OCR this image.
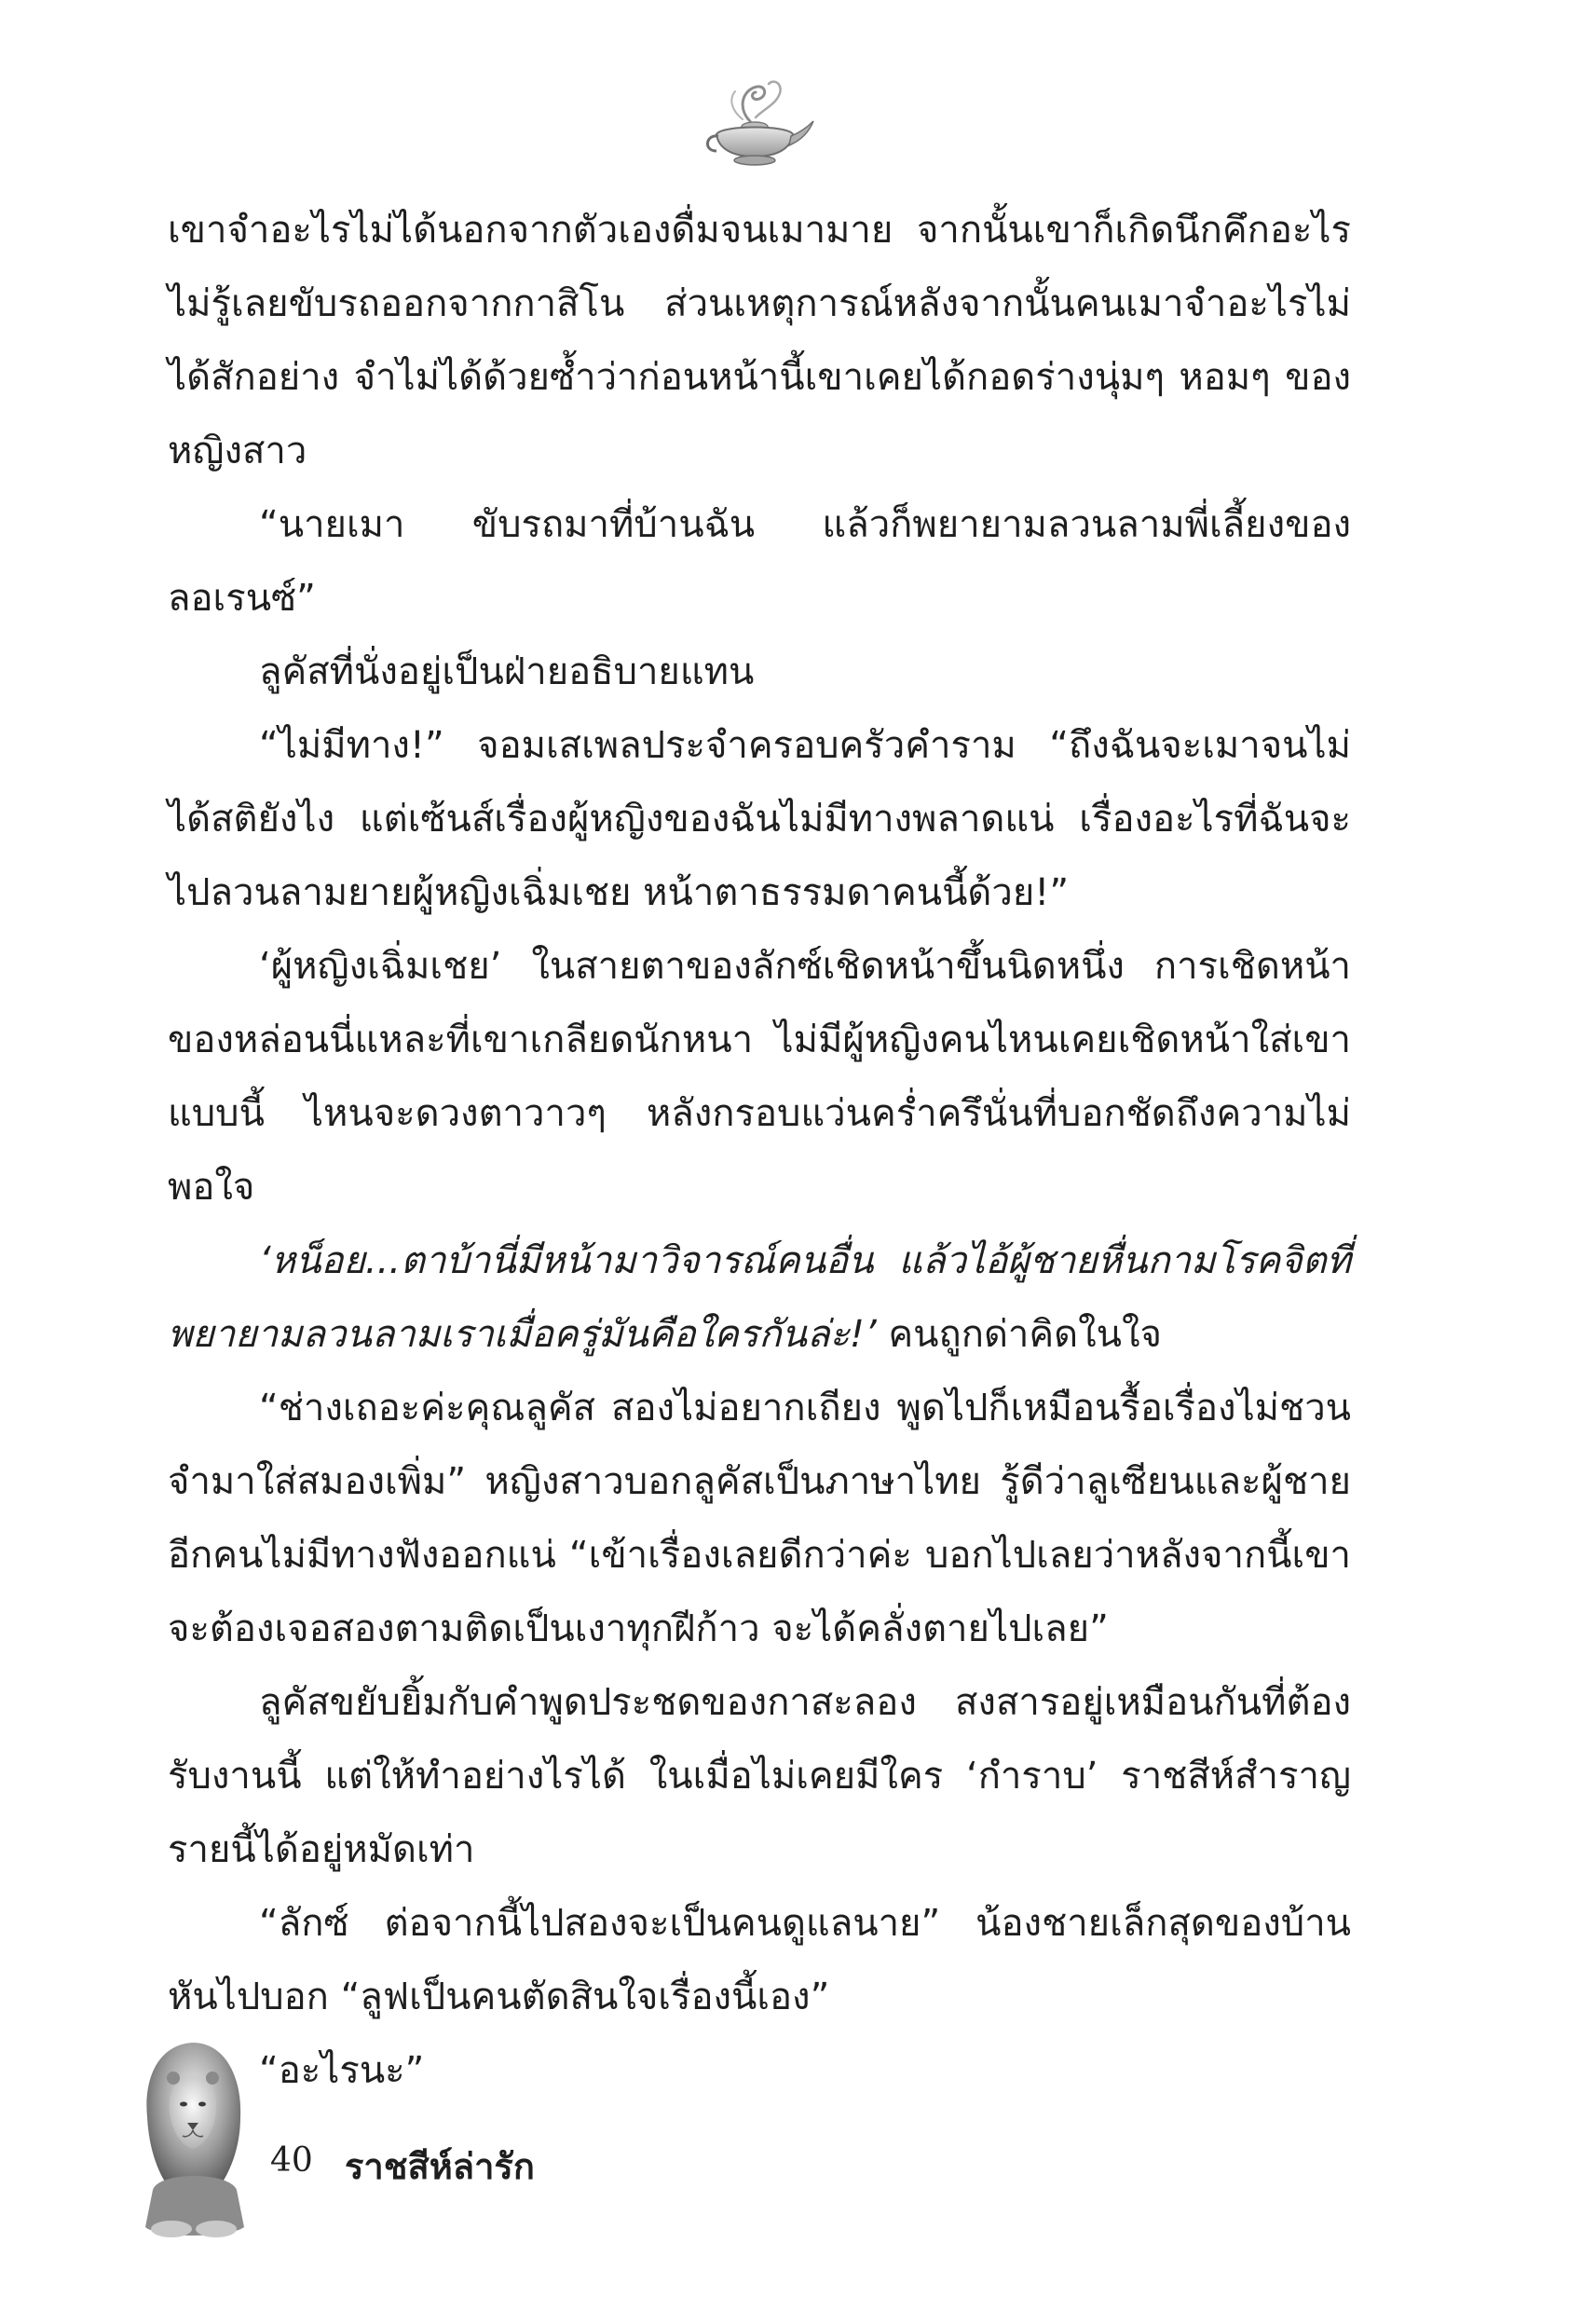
เขาจำอะไรไม่ได้นอกจากตัวเองดื่มจนเมามาย จากนั้นเขาก็เกิดนึกคึกอะไรไม่รู้เลยขับรถออกจากกาสิโน ส่วนเหตุการณ์หลังจากนั้นคนเมาจำอะไรไม่ได้สักอย่าง จำไม่ได้ด้วยซ้ำว่าก่อนหน้านี้เขาเคยได้กอดร่างนุ่มๆ หอมๆ ของหญิงสาว

“นายเมา ขับรถมาที่บ้านฉัน แล้วก็พยายามลวนลามพี่เลี้ยงของลอเรนซ์”

ลูคัสที่นั่งอยู่เป็นฝ่ายอธิบายแทน

“ไม่มีทาง!” จอมเสเพลประจำครอบครัวคำราม “ถึงฉันจะเมาจนไม่ได้สติยังไง แต่เซ้นส์เรื่องผู้หญิงของฉันไม่มีทางพลาดแน่ เรื่องอะไรที่ฉันจะไปลวนลามยายผู้หญิงเฉิ่มเชย หน้าตาธรรมดาคนนี้ด้วย!”

‘ผู้หญิงเฉิ่มเชย’ ในสายตาของลักซ์เชิดหน้าขึ้นนิดหนึ่ง การเชิดหน้าของหล่อนนี่แหละที่เขาเกลียดนักหนา ไม่มีผู้หญิงคนไหนเคยเชิดหน้าใส่เขาแบบนี้ ไหนจะดวงตาวาวๆ หลังกรอบแว่นคร่ำครึนั่นที่บอกชัดถึงความไม่พอใจ

‘หน็อย...ตาบ้านี่มีหน้ามาวิจารณ์คนอื่น แล้วไอ้ผู้ชายหื่นกามโรคจิตที่พยายามลวนลามเราเมื่อครู่มันคือใครกันล่ะ!’ คนถูกด่าคิดในใจ

“ช่างเถอะค่ะคุณลูคัส สองไม่อยากเถียง พูดไปก็เหมือนรื้อเรื่องไม่ชวนจำมาใส่สมองเพิ่ม” หญิงสาวบอกลูคัสเป็นภาษาไทย รู้ดีว่าลูเซียนและผู้ชายอีกคนไม่มีทางฟังออกแน่ “เข้าเรื่องเลยดีกว่าค่ะ บอกไปเลยว่าหลังจากนี้เขาจะต้องเจอสองตามติดเป็นเงาทุกฝีก้าว จะได้คลั่งตายไปเลย”

ลูคัสขยับยิ้มกับคำพูดประชดของกาสะลอง สงสารอยู่เหมือนกันที่ต้องรับงานนี้ แต่ให้ทำอย่างไรได้ ในเมื่อไม่เคยมีใคร ‘กำราบ’ ราชสีห์สำราญรายนี้ได้อยู่หมัดเท่า

“ลักซ์ ต่อจากนี้ไปสองจะเป็นคนดูแลนาย” น้องชายเล็กสุดของบ้านหันไปบอก “ลูฟเป็นคนตัดสินใจเรื่องนี้เอง”

“อะไรนะ”

40 ราชสีห์ล่ารัก
